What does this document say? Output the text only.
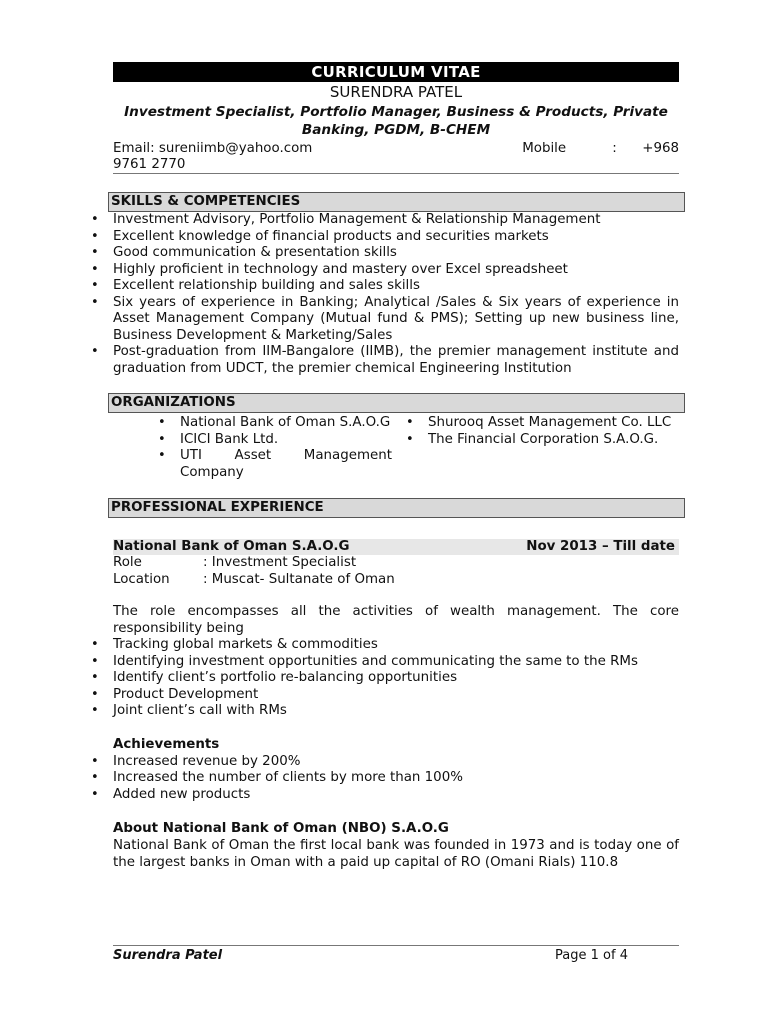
CURRICULUM VITAE
SURENDRA PATEL
Investment Specialist, Portfolio Manager, Business & Products, Private Banking, PGDM, B-CHEM
Email: sureniimb@yahoo.com	Mobile	:	+968
9761 2770
SKILLS & COMPETENCIES
• Investment Advisory, Portfolio Management & Relationship Management
• Excellent knowledge of financial products and securities markets
• Good communication & presentation skills
• Highly proficient in technology and mastery over Excel spreadsheet
• Excellent relationship building and sales skills
• Six years of experience in Banking; Analytical /Sales & Six years of experience in Asset Management Company (Mutual fund & PMS); Setting up new business line, Business Development & Marketing/Sales
• Post-graduation from IIM-Bangalore (IIMB), the premier management institute and graduation from UDCT, the premier chemical Engineering Institution
ORGANIZATIONS
• National Bank of Oman S.A.O.G
• ICICI Bank Ltd.
• UTI Asset Management Company
• Shurooq Asset Management Co. LLC
• The Financial Corporation S.A.O.G.
PROFESSIONAL EXPERIENCE
National Bank of Oman S.A.O.G	Nov 2013 – Till date
Role	: Investment Specialist
Location	: Muscat- Sultanate of Oman

The role encompasses all the activities of wealth management. The core responsibility being

• Tracking global markets & commodities
• Identifying investment opportunities and communicating the same to the RMs
• Identify client’s portfolio re-balancing opportunities
• Product Development
• Joint client’s call with RMs
Achievements
• Increased revenue by 200%
• Increased the number of clients by more than 100%
• Added new products
About National Bank of Oman (NBO) S.A.O.G

National Bank of Oman the first local bank was founded in 1973 and is today one of the largest banks in Oman with a paid up capital of RO (Omani Rials) 110.8

Surendra Patel	Page 1 of 4
